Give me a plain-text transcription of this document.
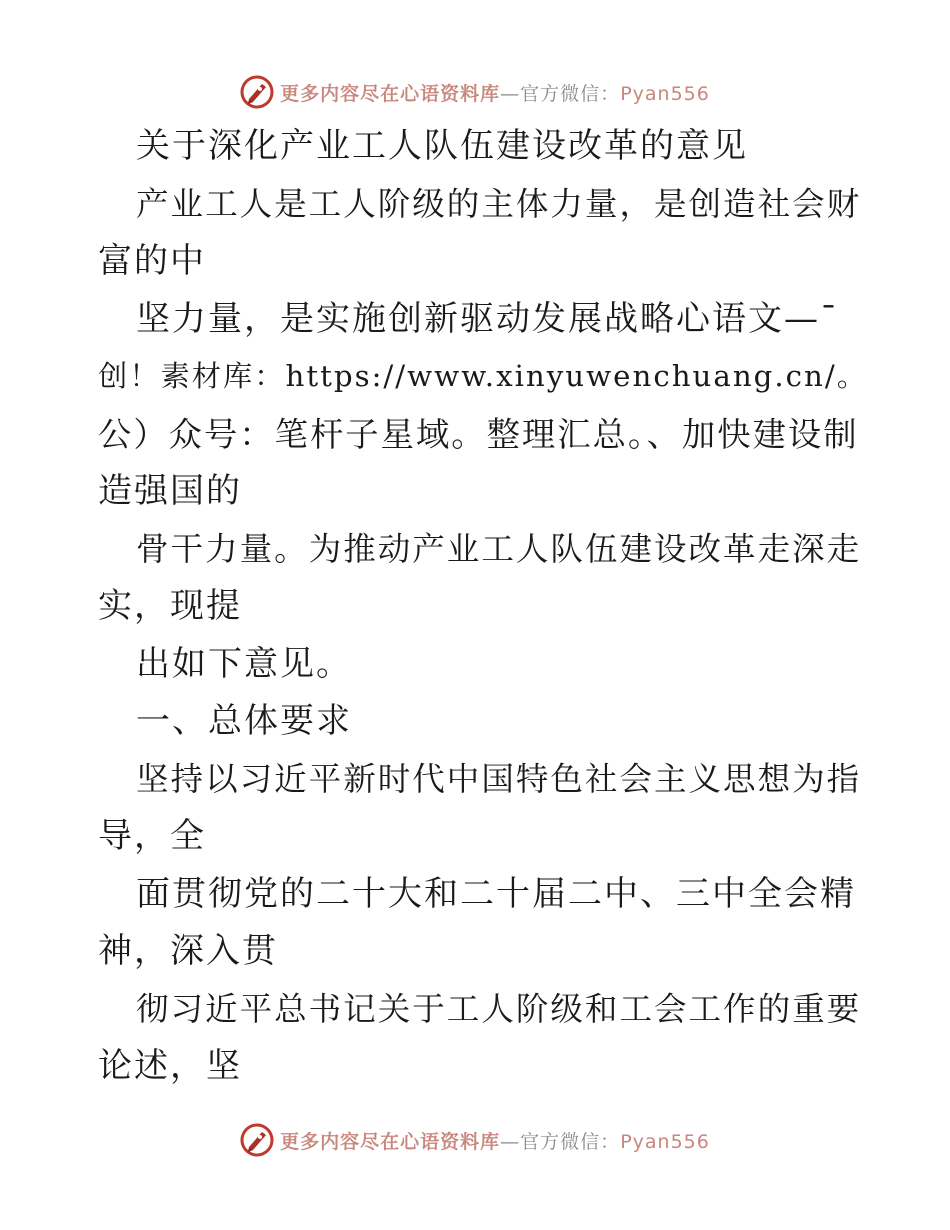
更多内容尽在心语资料库—官方微信：Pyan556
关于深化产业工人队伍建设改革的意见
产业工人是工人阶级的主体力量，是创造社会财
富的中
坚力量，是实施创新驱动发展战略心语文—¯
创！素材库：https://www.xinyuwenchuang.cn/。
公）众号：笔杆子星域。整理汇总。、加快建设制
造强国的
骨干力量。为推动产业工人队伍建设改革走深走
实，现提
出如下意见。
一、总体要求
坚持以习近平新时代中国特色社会主义思想为指
导，全
面贯彻党的二十大和二十届二中、三中全会精
神，深入贯
彻习近平总书记关于工人阶级和工会工作的重要
论述，坚
更多内容尽在心语资料库—官方微信：Pyan556
